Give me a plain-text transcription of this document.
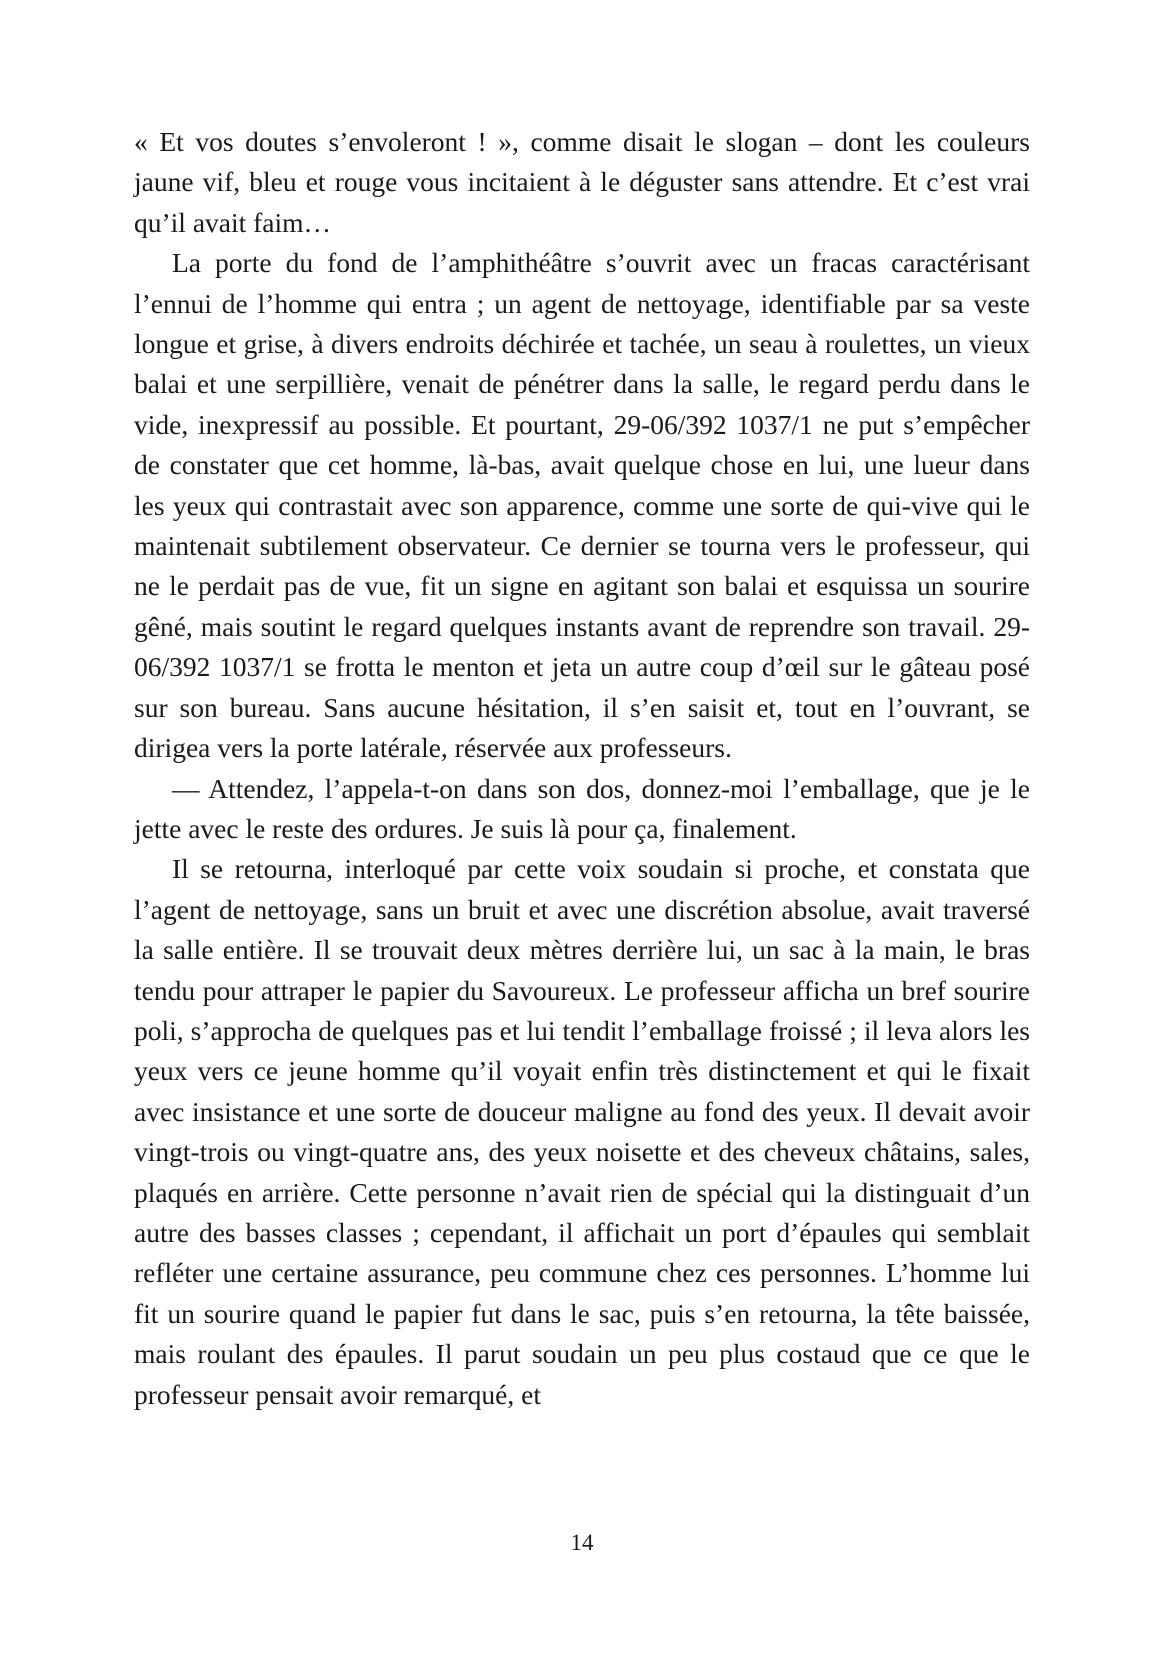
« Et vos doutes s’envoleront ! », comme disait le slogan – dont les couleurs jaune vif, bleu et rouge vous incitaient à le déguster sans attendre. Et c’est vrai qu’il avait faim…

La porte du fond de l’amphithéâtre s’ouvrit avec un fracas caractérisant l’ennui de l’homme qui entra ; un agent de nettoyage, identifiable par sa veste longue et grise, à divers endroits déchirée et tachée, un seau à roulettes, un vieux balai et une serpillière, venait de pénétrer dans la salle, le regard perdu dans le vide, inexpressif au possible. Et pourtant, 29-06/392 1037/1 ne put s’empêcher de constater que cet homme, là-bas, avait quelque chose en lui, une lueur dans les yeux qui contrastait avec son apparence, comme une sorte de qui-vive qui le maintenait subtilement observateur. Ce dernier se tourna vers le professeur, qui ne le perdait pas de vue, fit un signe en agitant son balai et esquissa un sourire gêné, mais soutint le regard quelques instants avant de reprendre son travail. 29-06/392 1037/1 se frotta le menton et jeta un autre coup d’œil sur le gâteau posé sur son bureau. Sans aucune hésitation, il s’en saisit et, tout en l’ouvrant, se dirigea vers la porte latérale, réservée aux professeurs.

— Attendez, l’appela-t-on dans son dos, donnez-moi l’emballage, que je le jette avec le reste des ordures. Je suis là pour ça, finalement.

Il se retourna, interloqué par cette voix soudain si proche, et constata que l’agent de nettoyage, sans un bruit et avec une discrétion absolue, avait traversé la salle entière. Il se trouvait deux mètres derrière lui, un sac à la main, le bras tendu pour attraper le papier du Savoureux. Le professeur afficha un bref sourire poli, s’approcha de quelques pas et lui tendit l’emballage froissé ; il leva alors les yeux vers ce jeune homme qu’il voyait enfin très distinctement et qui le fixait avec insistance et une sorte de douceur maligne au fond des yeux. Il devait avoir vingt-trois ou vingt-quatre ans, des yeux noisette et des cheveux châtains, sales, plaqués en arrière. Cette personne n’avait rien de spécial qui la distinguait d’un autre des basses classes ; cependant, il affichait un port d’épaules qui semblait refléter une certaine assurance, peu commune chez ces personnes. L’homme lui fit un sourire quand le papier fut dans le sac, puis s’en retourna, la tête baissée, mais roulant des épaules. Il parut soudain un peu plus costaud que ce que le professeur pensait avoir remarqué, et

14
